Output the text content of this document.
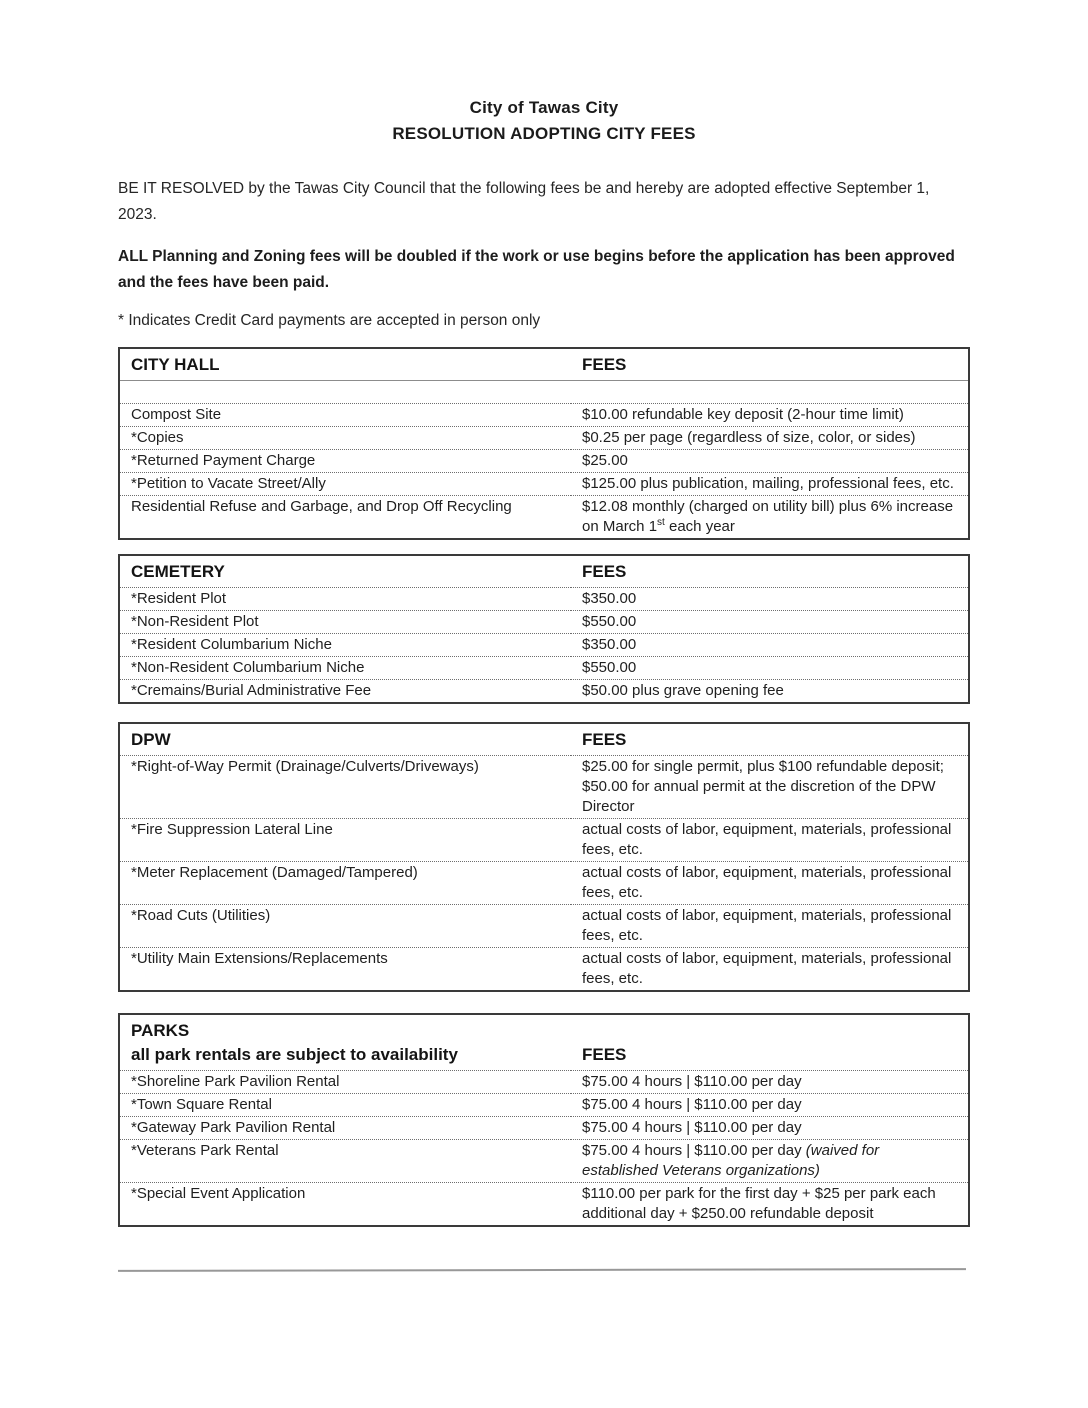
City of Tawas City
RESOLUTION ADOPTING CITY FEES
BE IT RESOLVED by the Tawas City Council that the following fees be and hereby are adopted effective September 1, 2023.
ALL Planning and Zoning fees will be doubled if the work or use begins before the application has been approved and the fees have been paid.
* Indicates Credit Card payments are accepted in person only
CITY HALL	FEES

Compost Site	$10.00 refundable key deposit (2-hour time limit)
*Copies	$0.25 per page (regardless of size, color, or sides)
*Returned Payment Charge	$25.00
*Petition to Vacate Street/Ally	$125.00 plus publication, mailing, professional fees, etc.
Residential Refuse and Garbage, and Drop Off Recycling	$12.08 monthly (charged on utility bill) plus 6% increase on March 1st each year
CEMETERY	FEES
*Resident Plot	$350.00
*Non-Resident Plot	$550.00
*Resident Columbarium Niche	$350.00
*Non-Resident Columbarium Niche	$550.00
*Cremains/Burial Administrative Fee	$50.00 plus grave opening fee
DPW	FEES
*Right-of-Way Permit (Drainage/Culverts/Driveways)	$25.00 for single permit, plus $100 refundable deposit; $50.00 for annual permit at the discretion of the DPW Director
*Fire Suppression Lateral Line	actual costs of labor, equipment, materials, professional fees, etc.
*Meter Replacement (Damaged/Tampered)	actual costs of labor, equipment, materials, professional fees, etc.
*Road Cuts (Utilities)	actual costs of labor, equipment, materials, professional fees, etc.
*Utility Main Extensions/Replacements	actual costs of labor, equipment, materials, professional fees, etc.
PARKS
all park rentals are subject to availability	FEES
*Shoreline Park Pavilion Rental	$75.00 4 hours | $110.00 per day
*Town Square Rental	$75.00 4 hours | $110.00 per day
*Gateway Park Pavilion Rental	$75.00 4 hours | $110.00 per day
*Veterans Park Rental	$75.00 4 hours | $110.00 per day (waived for established Veterans organizations)
*Special Event Application	$110.00 per park for the first day + $25 per park each additional day + $250.00 refundable deposit
